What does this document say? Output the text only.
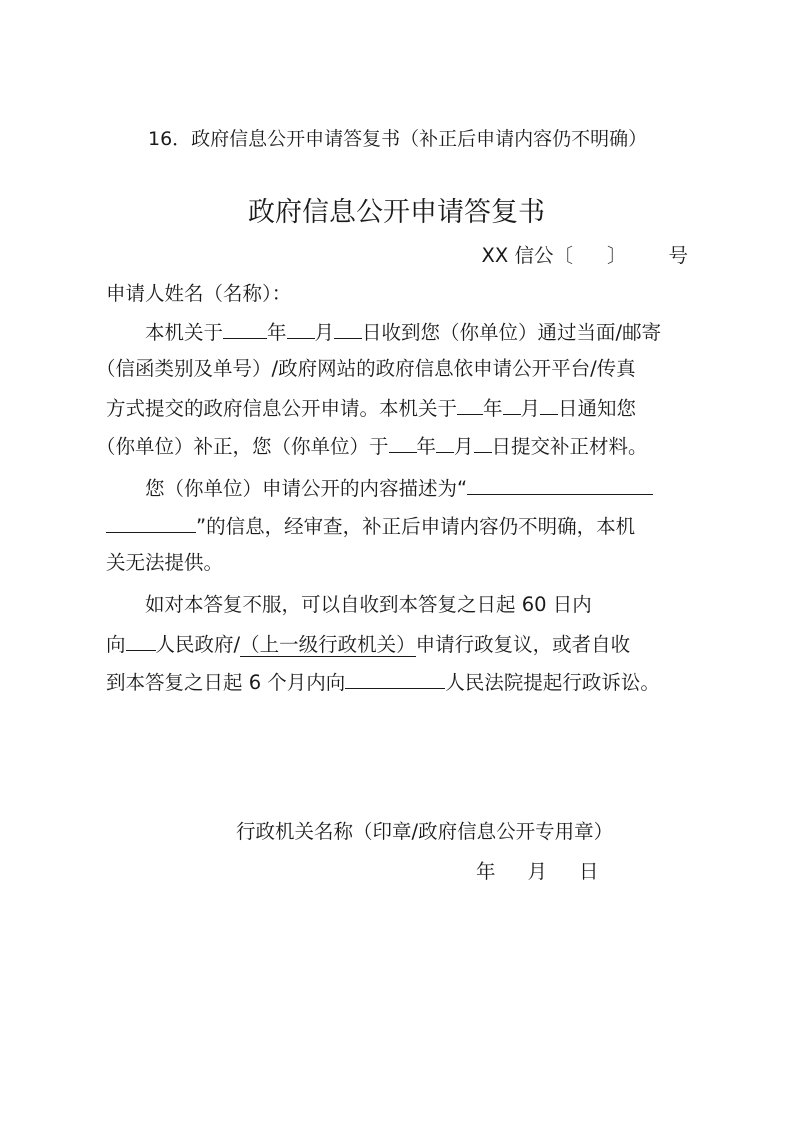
16．政府信息公开申请答复书（补正后申请内容仍不明确）
政府信息公开申请答复书
XX 信公〔 〕 号
申请人姓名（名称）：
本机关于 年 月 日收到您（你单位）通过当面/邮寄
（信函类别及单号）/政府网站的政府信息依申请公开平台/传真
方式提交的政府信息公开申请。本机关于 年 月 日通知您
（你单位）补正，您（你单位）于 年 月 日提交补正材料。
您（你单位）申请公开的内容描述为“
”的信息，经审查，补正后申请内容仍不明确，本机
关无法提供。
如对本答复不服，可以自收到本答复之日起 60 日内
向 人民政府/（上一级行政机关）申请行政复议，或者自收
到本答复之日起 6 个月内向	人民法院提起行政诉讼。
行政机关名称（印章/政府信息公开专用章）
年 月 日
